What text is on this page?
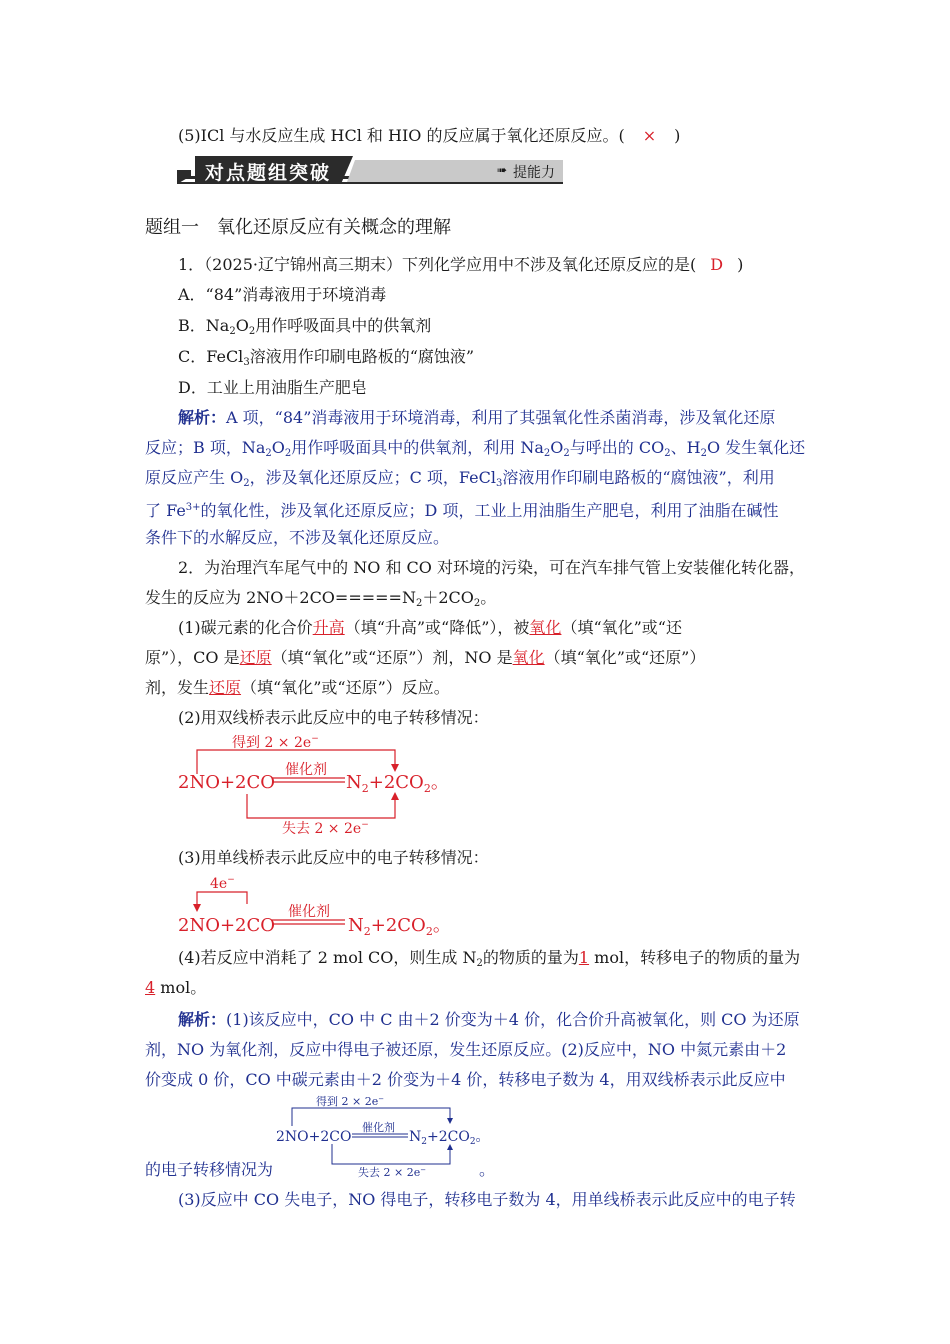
(5)ICl 与水反应生成 HCl 和 HIO 的反应属于氧化还原反应。( × )
对点题组突破	➠ 提能力
题组一　氧化还原反应有关概念的理解
1．（2025·辽宁锦州高三期末）下列化学应用中不涉及氧化还原反应的是( D )
A．“84”消毒液用于环境消毒
B．$Na_2O_2$用作呼吸面具中的供氧剂
C．FeCl$_3$溶液用作印刷电路板的“腐蚀液”
D．工业上用油脂生产肥皂
解析：A 项，“84”消毒液用于环境消毒，利用了其强氧化性杀菌消毒，涉及氧化还原
反应；B 项，$Na_2O_2$用作呼吸面具中的供氧剂，利用 $Na_2O_2$与呼出的 $CO_2$、$H_2O$ 发生氧化还
原反应产生 $O_2$，涉及氧化还原反应；C 项，FeCl$_3$溶液用作印刷电路板的“腐蚀液”，利用
了 $Fe^{3+}$的氧化性，涉及氧化还原反应；D 项，工业上用油脂生产肥皂，利用了油脂在碱性
条件下的水解反应，不涉及氧化还原反应。
2．为治理汽车尾气中的 NO 和 CO 对环境的污染，可在汽车排气管上安装催化转化器，
发生的反应为 $2NO+2CO=====N_2+2CO_2$。
(1)碳元素的化合价升高（填“升高”或“降低”），被氧化（填“氧化”或“还
原”），CO 是还原（填“氧化”或“还原”）剂，NO 是氧化（填“氧化”或“还原”）
剂，发生还原（填“氧化”或“还原”）反应。
(2)用双线桥表示此反应中的电子转移情况：
得到 2 × 2e−
催化剂
2NO+2CO	$N_2+2CO_2$。
失去 2 × 2e−
(3)用单线桥表示此反应中的电子转移情况：
4e−
催化剂
2NO+2CO	$N_2+2CO_2$。
(4)若反应中消耗了 2 mol CO，则生成 $N_2$的物质的量为1 mol，转移电子的物质的量为
4 mol。
解析：(1)该反应中，CO 中 C 由＋2 价变为＋4 价，化合价升高被氧化，则 CO 为还原
剂，NO 为氧化剂，反应中得电子被还原，发生还原反应。(2)反应中，NO 中氮元素由＋2
价变成 0 价，CO 中碳元素由＋2 价变为＋4 价，转移电子数为 4，用双线桥表示此反应中
得到 2 × 2e−
催化剂
2NO+2CO	$N_2+2CO_2$。
失去 2 × 2e−
的电子转移情况为	。
(3)反应中 CO 失电子，NO 得电子，转移电子数为 4，用单线桥表示此反应中的电子转
